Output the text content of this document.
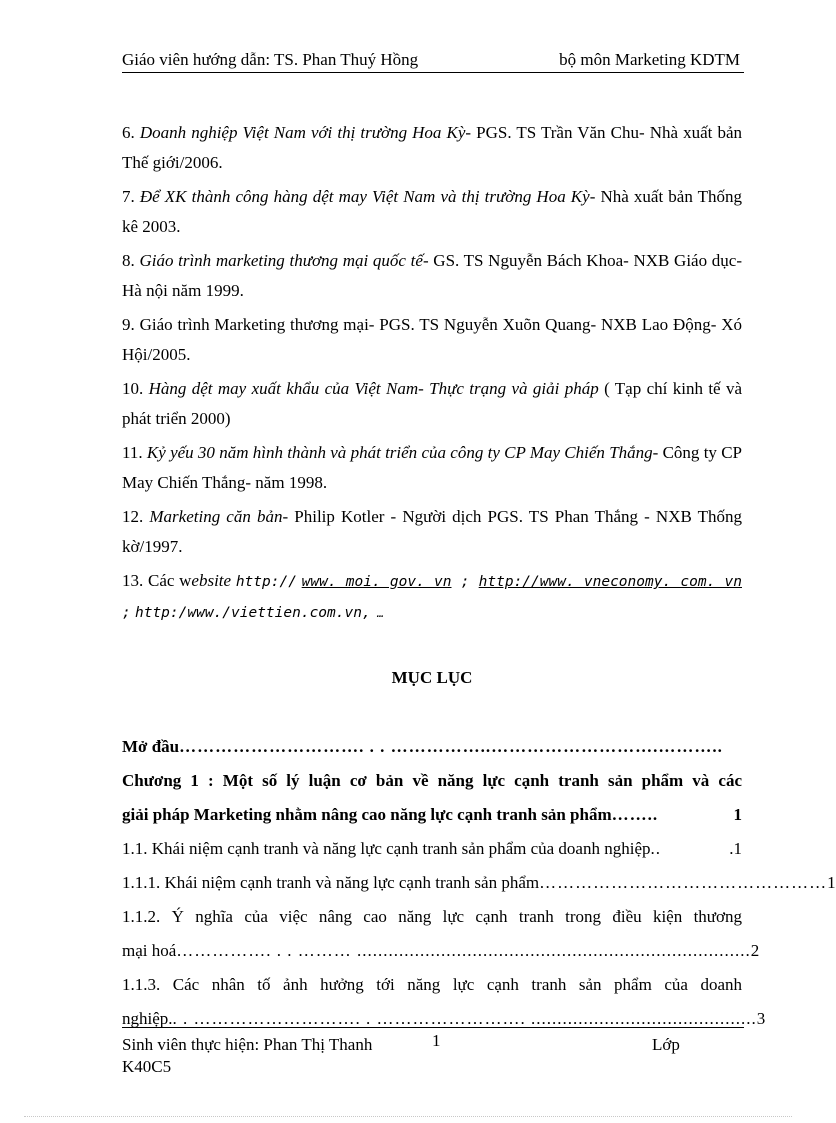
Giáo viên hướng dẫn: TS. Phan Thuý Hồng	bộ môn Marketing KDTM

6. Doanh nghiệp Việt Nam với thị trường Hoa Kỳ- PGS. TS Trần Văn Chu- Nhà xuất bản Thế giới/2006.

7. Để XK thành công hàng dệt may Việt Nam và thị trường Hoa Kỳ- Nhà xuất bản Thống kê 2003.

8. Giáo trình marketing thương mại quốc tế- GS. TS Nguyễn Bách Khoa- NXB Giáo dục- Hà nội năm 1999.

9. Giáo trình Marketing thương mại- PGS. TS Nguyễn Xuõn Quang- NXB Lao Động- Xó Hội/2005.

10. Hàng dệt may xuất khẩu của Việt Nam- Thực trạng và giải pháp ( Tạp chí kinh tế và phát triển 2000)

11. Kỷ yếu 30 năm hình thành và phát triển của công ty CP May Chiến Thắng- Công ty CP May Chiến Thắng- năm 1998.

12. Marketing căn bản- Philip Kotler - Người dịch PGS. TS Phan Thắng - NXB Thống kờ/1997.

13. Các website http:// www. moi. gov. vn ; http://www. vneconomy. com. vn ; http:/www./viettien.com.vn, …

MỤC LỤC
Mở đầu …………………………. . . ……………..……………………….………..
Chương 1 : Một số lý luận cơ bản về năng lực cạnh tranh sản phẩm và các
giải pháp Marketing nhằm nâng cao năng lực cạnh tranh sản phẩm ……..	1
1.1. Khái niệm cạnh tranh và năng lực cạnh tranh sản phẩm của doanh nghiệp ..	.1
1.1.1. Khái niệm cạnh tranh và năng lực cạnh tranh sản phẩm ………………………………………… 1
1.1.2. Ý nghĩa của việc nâng cao năng lực cạnh tranh trong điều kiện thương
mại hoá ……………. . . ……… ........................................................................... 2
1.1.3. Các nhân tố ảnh hưởng tới năng lực cạnh tranh sản phẩm của doanh
nghiệp. . . ………………………. . ……………………. ........................................... 3
Sinh viên thực hiện: Phan Thị Thanh K40C5
1	Lớp
